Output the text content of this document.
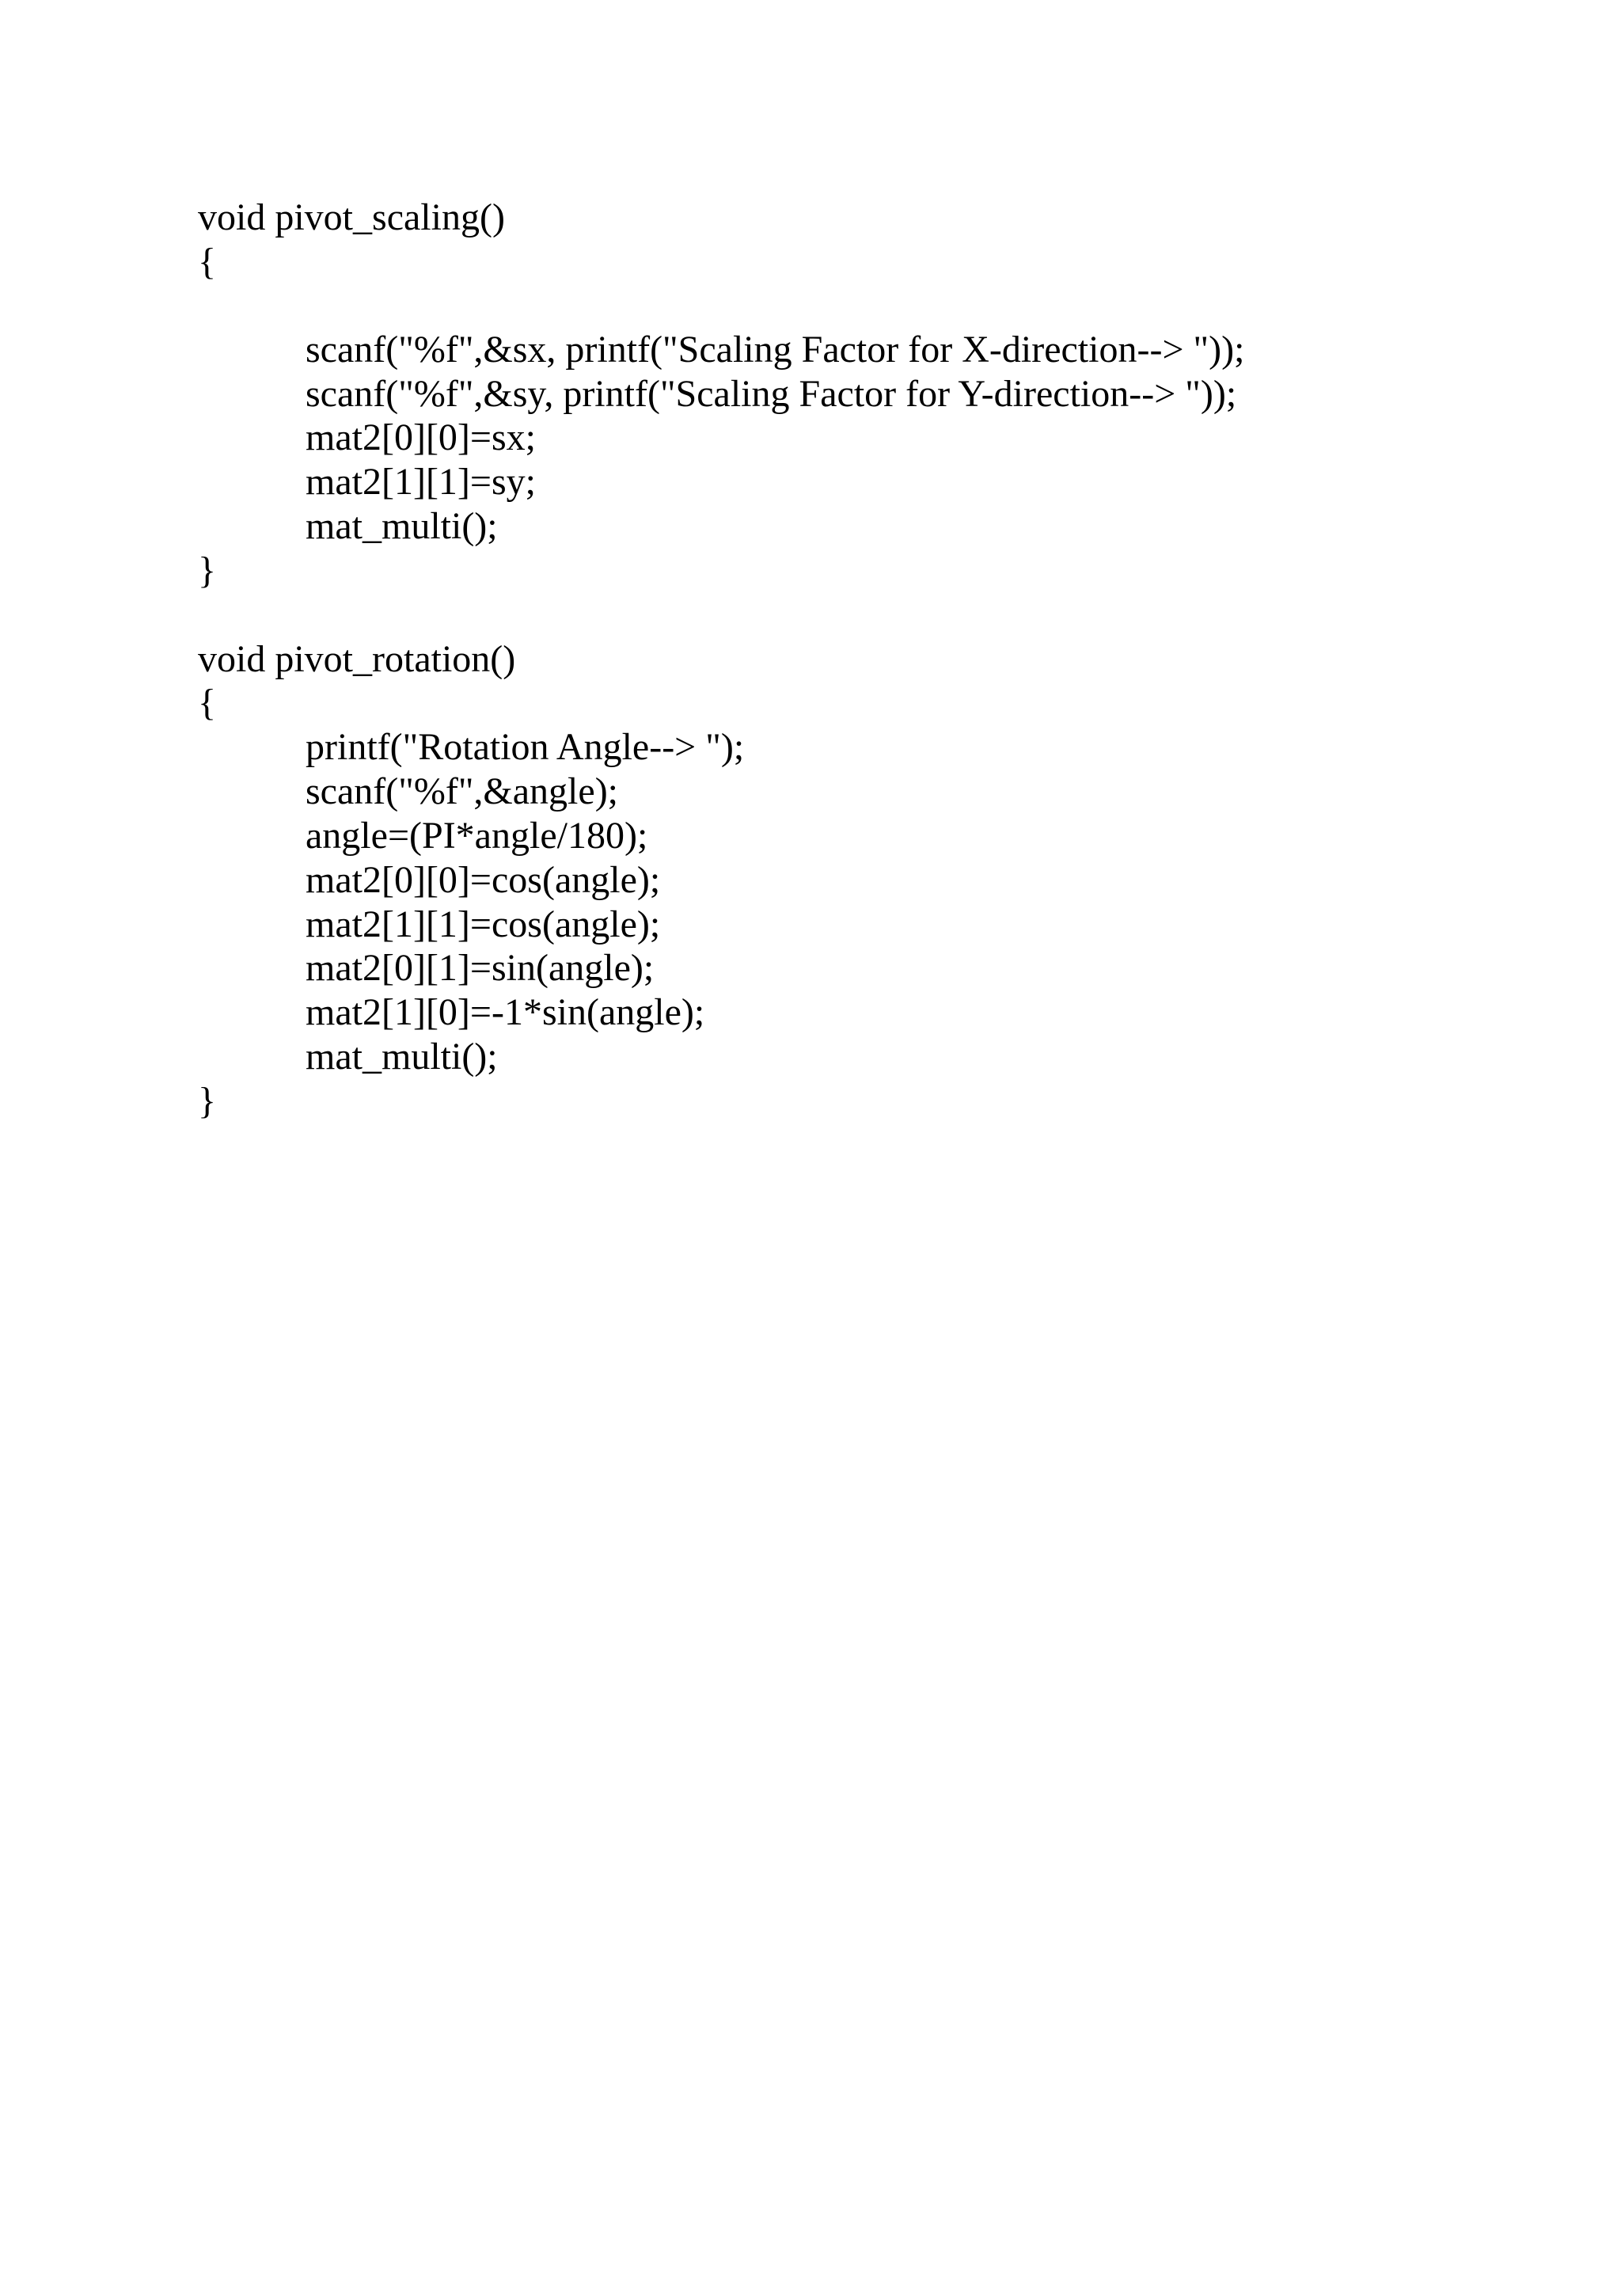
void pivot_scaling()
{
scanf("%f",&sx, printf("Scaling Factor for X-direction--> "));
scanf("%f",&sy, printf("Scaling Factor for Y-direction--> "));
mat2[0][0]=sx;
mat2[1][1]=sy;
mat_multi();
}
void pivot_rotation()
{
printf("Rotation Angle--> ");
scanf("%f",&angle);
angle=(PI*angle/180);
mat2[0][0]=cos(angle);
mat2[1][1]=cos(angle);
mat2[0][1]=sin(angle);
mat2[1][0]=-1*sin(angle);
mat_multi();
}
